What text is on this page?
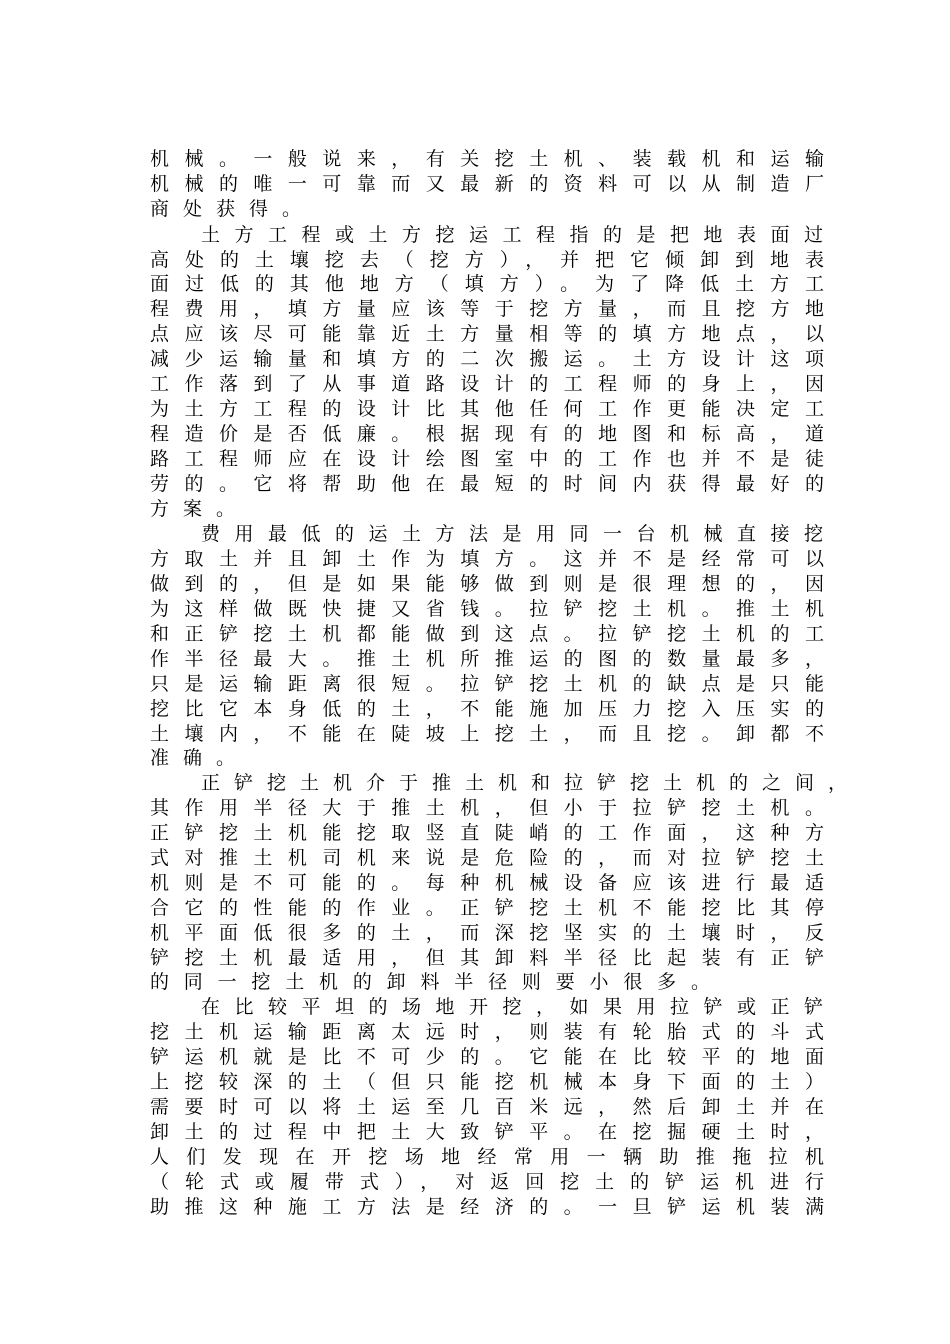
机械。一般说来，有关挖土机、装载机和运输
机械的唯一可靠而又最新的资料可以从制造厂
商处获得。
土方工程或土方挖运工程指的是把地表面过
高处的土壤挖去（挖方），并把它倾卸到地表
面过低的其他地方（填方）。为了降低土方工
程费用，填方量应该等于挖方量，而且挖方地
点应该尽可能靠近土方量相等的填方地点，以
减少运输量和填方的二次搬运。土方设计这项
工作落到了从事道路设计的工程师的身上，因
为土方工程的设计比其他任何工作更能决定工
程造价是否低廉。根据现有的地图和标高，道
路工程师应在设计绘图室中的工作也并不是徒
劳的。它将帮助他在最短的时间内获得最好的
方案。
费用最低的运土方法是用同一台机械直接挖
方取土并且卸土作为填方。这并不是经常可以
做到的，但是如果能够做到则是很理想的，因
为这样做既快捷又省钱。拉铲挖土机。推土机
和正铲挖土机都能做到这点。拉铲挖土机的工
作半径最大。推土机所推运的图的数量最多，
只是运输距离很短。拉铲挖土机的缺点是只能
挖比它本身低的土，不能施加压力挖入压实的
土壤内，不能在陡坡上挖土，而且挖。卸都不
准确。
正铲挖土机介于推土机和拉铲挖土机的之间，
其作用半径大于推土机，但小于拉铲挖土机。
正铲挖土机能挖取竖直陡峭的工作面，这种方
式对推土机司机来说是危险的，而对拉铲挖土
机则是不可能的。每种机械设备应该进行最适
合它的性能的作业。正铲挖土机不能挖比其停
机平面低很多的土，而深挖坚实的土壤时，反
铲挖土机最适用，但其卸料半径比起装有正铲
的同一挖土机的卸料半径则要小很多。
在比较平坦的场地开挖，如果用拉铲或正铲
挖土机运输距离太远时，则装有轮胎式的斗式
铲运机就是比不可少的。它能在比较平的地面
上挖较深的土（但只能挖机械本身下面的土）
需要时可以将土运至几百米远，然后卸土并在
卸土的过程中把土大致铲平。在挖掘硬土时，
人们发现在开挖场地经常用一辆助推拖拉机
（轮式或履带式），对返回挖土的铲运机进行
助推这种施工方法是经济的。一旦铲运机装满
